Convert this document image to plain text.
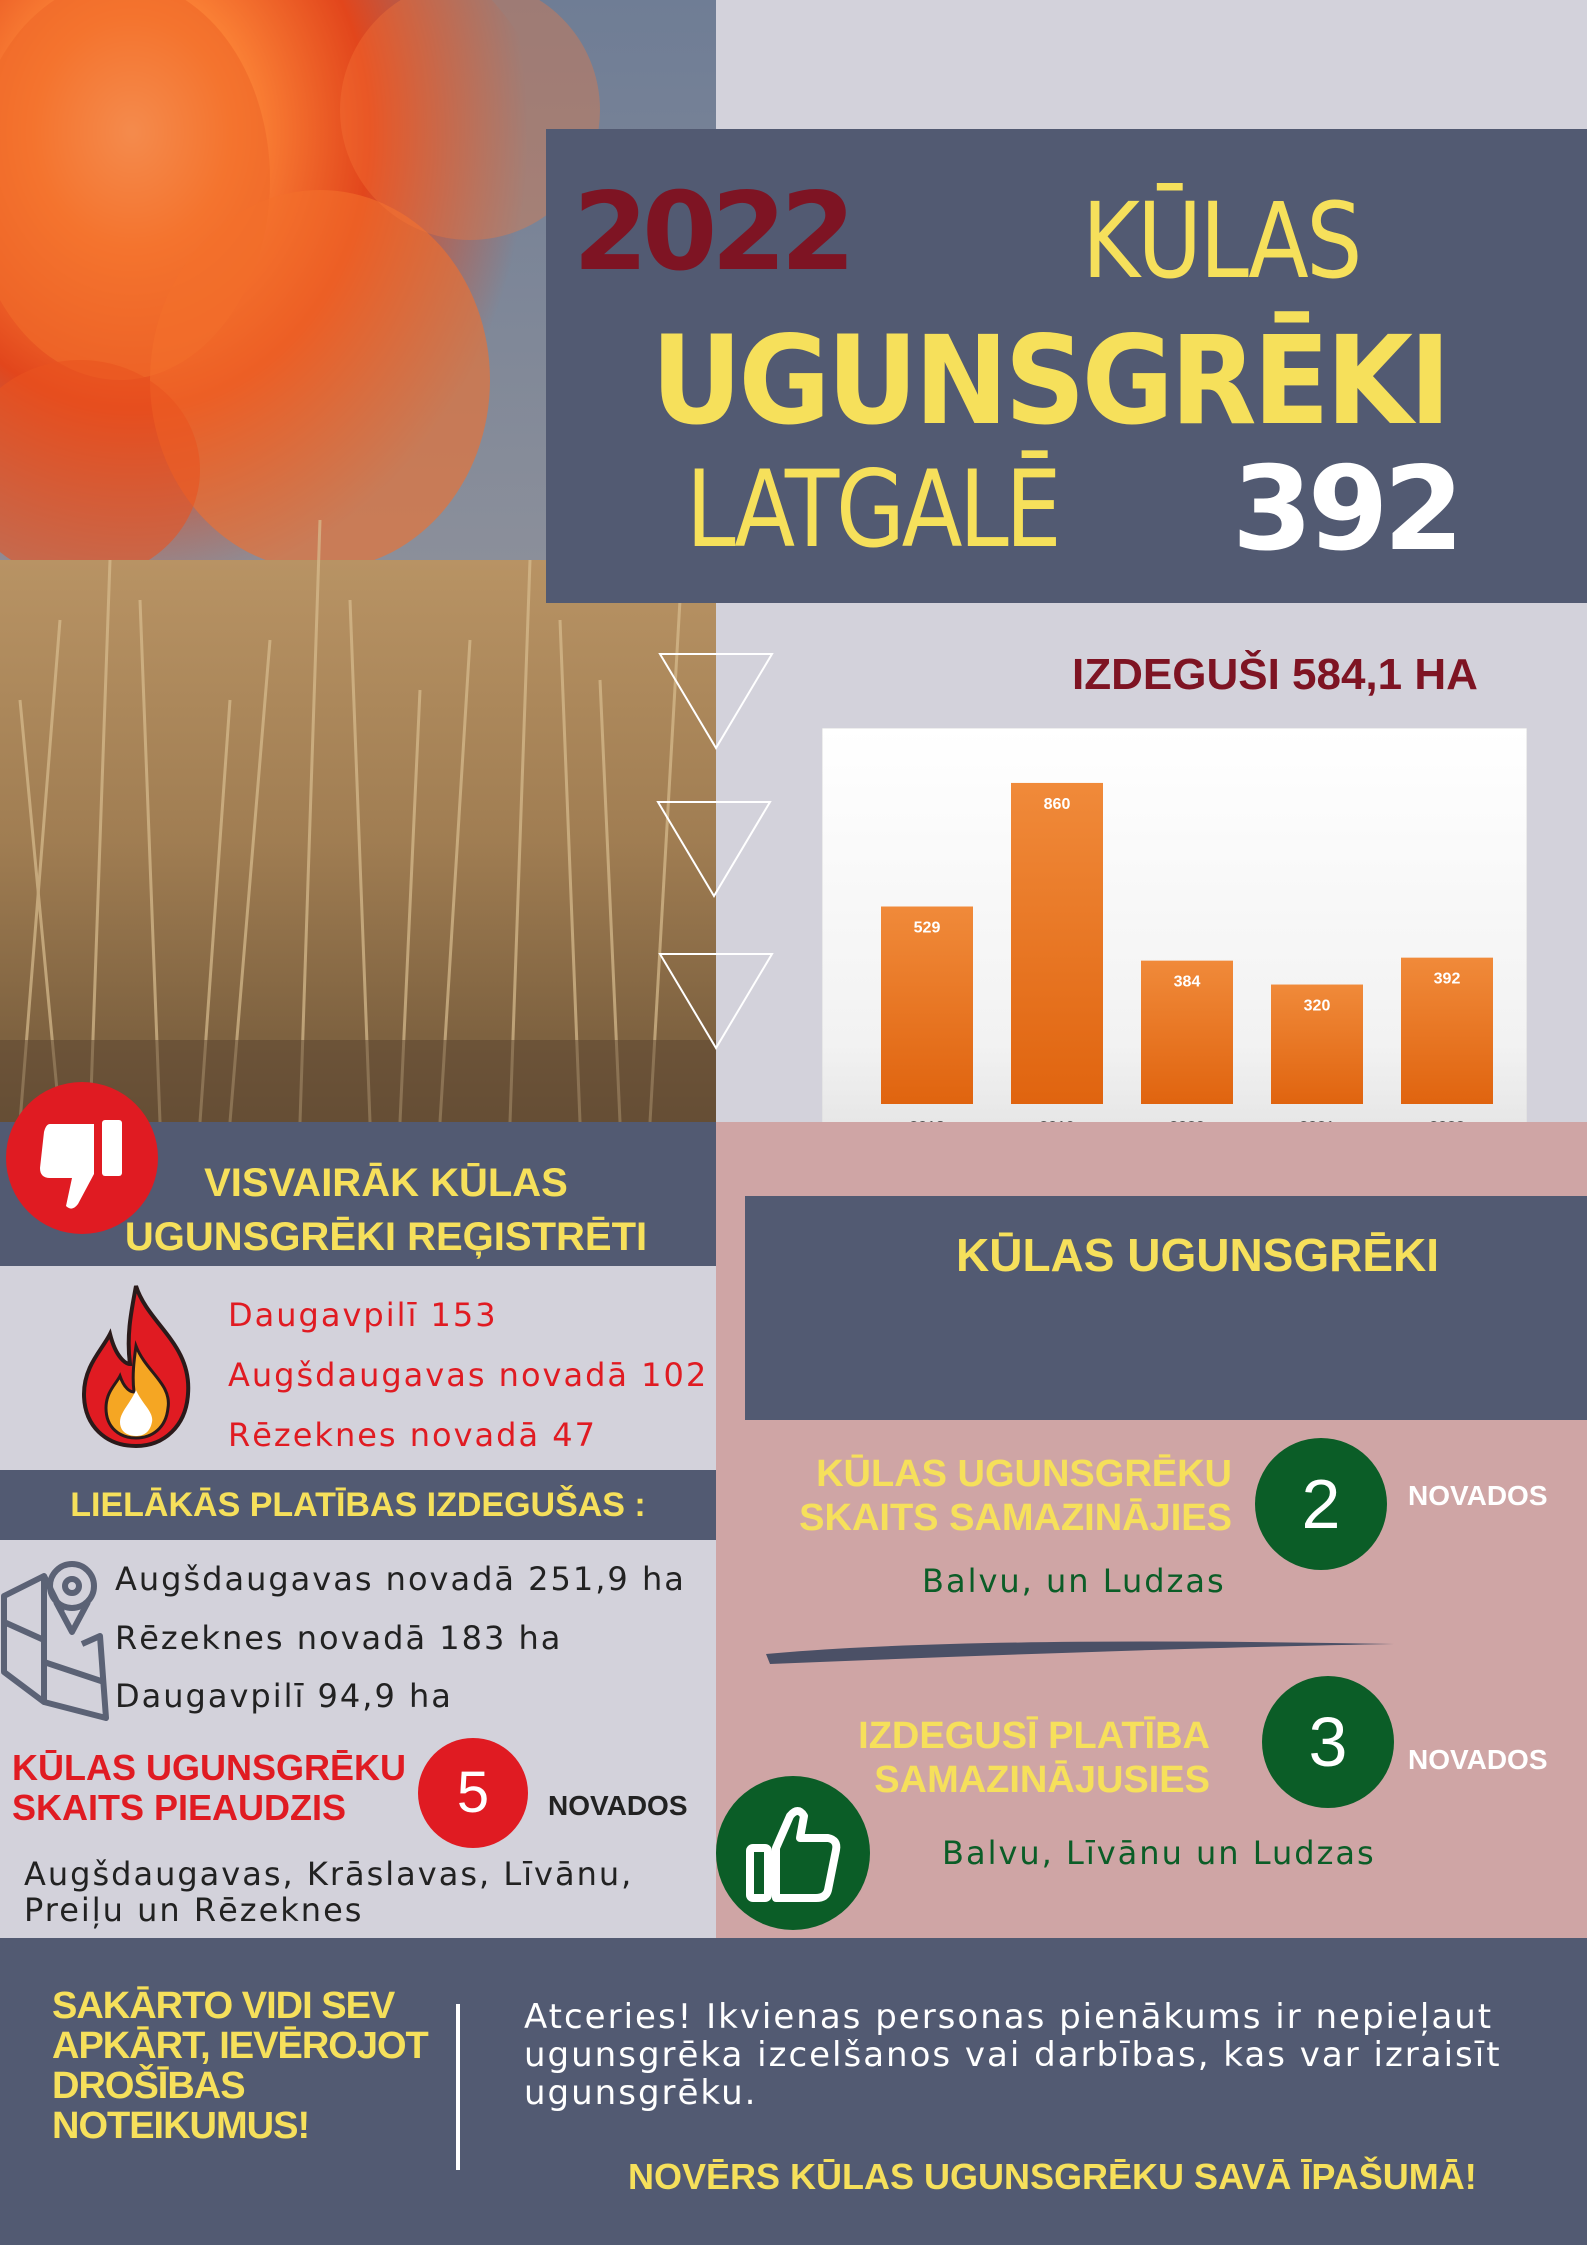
2022 KŪLAS
UGUNSGRĒKI
LATGALĒ 392
IZDEGUŠI 584,1 HA
529
860
384
320
392
VISVAIRĀK KŪLAS UGUNSGRĒKI REĢISTRĒTI
Daugavpilī 153
Augšdaugavas novadā 102
Rēzeknes novadā 47
LIELĀKĀS PLATĪBAS IZDEGUŠAS :
Augšdaugavas novadā 251,9 ha
Rēzeknes novadā 183 ha
Daugavpilī 94,9 ha
KŪLAS UGUNSGRĒKU SKAITS PIEAUDZIS	5	NOVADOS
Augšdaugavas, Krāslavas, Līvānu, Preiļu un Rēzeknes
KŪLAS UGUNSGRĒKI
KŪLAS UGUNSGRĒKU SKAITS SAMAZINĀJIES 2	NOVADOS
Balvu, un Ludzas
IZDEGUSĪ PLATĪBA SAMAZINĀJUSIES	3	NOVADOS
Balvu, Līvānu un Ludzas
SAKĀRTO VIDI SEV APKĀRT, IEVĒROJOT DROŠĪBAS NOTEIKUMUS!
Atceries! Ikvienas personas pienākums ir nepieļaut ugunsgrēka izcelšanos vai darbības, kas var izraisīt ugunsgrēku.
NOVĒRS KŪLAS UGUNSGRĒKU SAVĀ ĪPAŠUMĀ!
